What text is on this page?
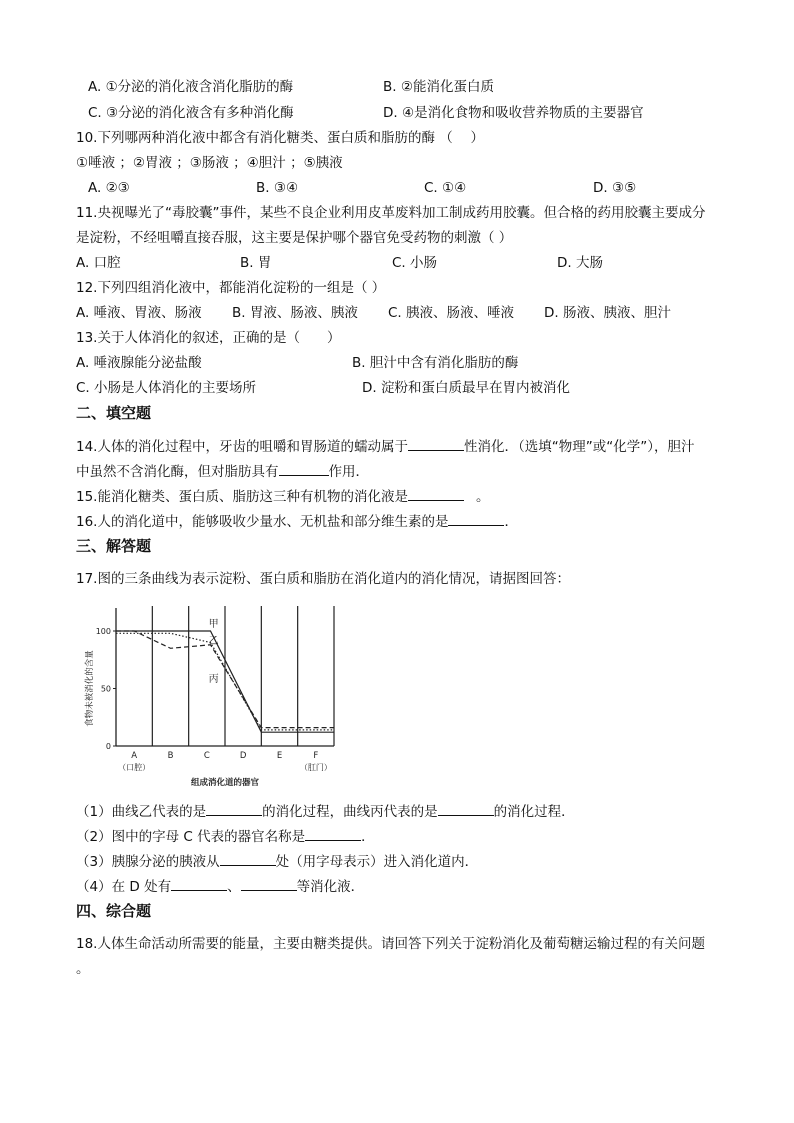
A. ①分泌的消化液含消化脂肪的酶	B. ②能消化蛋白质
C. ③分泌的消化液含有多种消化酶	D. ④是消化食物和吸收营养物质的主要器官
10.下列哪两种消化液中都含有消化糖类、蛋白质和脂肪的酶 （　 ）
①唾液 ；②胃液 ；③肠液 ；④胆汁 ；⑤胰液
A. ②③	B. ③④	C. ①④	D. ③⑤
11.央视曝光了“毒胶囊”事件，某些不良企业利用皮革废料加工制成药用胶囊。但合格的药用胶囊主要成分
是淀粉，不经咀嚼直接吞服，这主要是保护哪个器官免受药物的刺激（ ）
A. 口腔	B. 胃	C. 小肠	D. 大肠
12.下列四组消化液中，都能消化淀粉的一组是（ ）
A. 唾液、胃液、肠液 B. 胃液、肠液、胰液 C. 胰液、肠液、唾液 D. 肠液、胰液、胆汁
13.关于人体消化的叙述，正确的是（　　）
A. 唾液腺能分泌盐酸	B. 胆汁中含有消化脂肪的酶
C. 小肠是人体消化的主要场所	D. 淀粉和蛋白质最早在胃内被消化
二、填空题
14.人体的消化过程中，牙齿的咀嚼和胃肠道的蠕动属于	性消化．（选填“物理”或“化学”），胆汁
中虽然不含消化酶，但对脂肪具有	作用．
15.能消化糖类、蛋白质、脂肪这三种有机物的消化液是	。
16.人的消化道中，能够吸收少量水、无机盐和部分维生素的是	．
三、解答题
17.图的三条曲线为表示淀粉、蛋白质和脂肪在消化道内的消化情况，请据图回答：
100
50
0
食物未被消化的含量
A
（口腔）
B	C	D	E	F
（肛门）
组成消化道的器官
甲
乙
丙
（1）曲线乙代表的是	的消化过程，曲线丙代表的是	的消化过程．
（2）图中的字母 C 代表的器官名称是	．
（3）胰腺分泌的胰液从	处（用字母表示）进入消化道内．
（4）在 D 处有	、	等消化液．
四、综合题
18.人体生命活动所需要的能量，主要由糖类提供。请回答下列关于淀粉消化及葡萄糖运输过程的有关问题
。
